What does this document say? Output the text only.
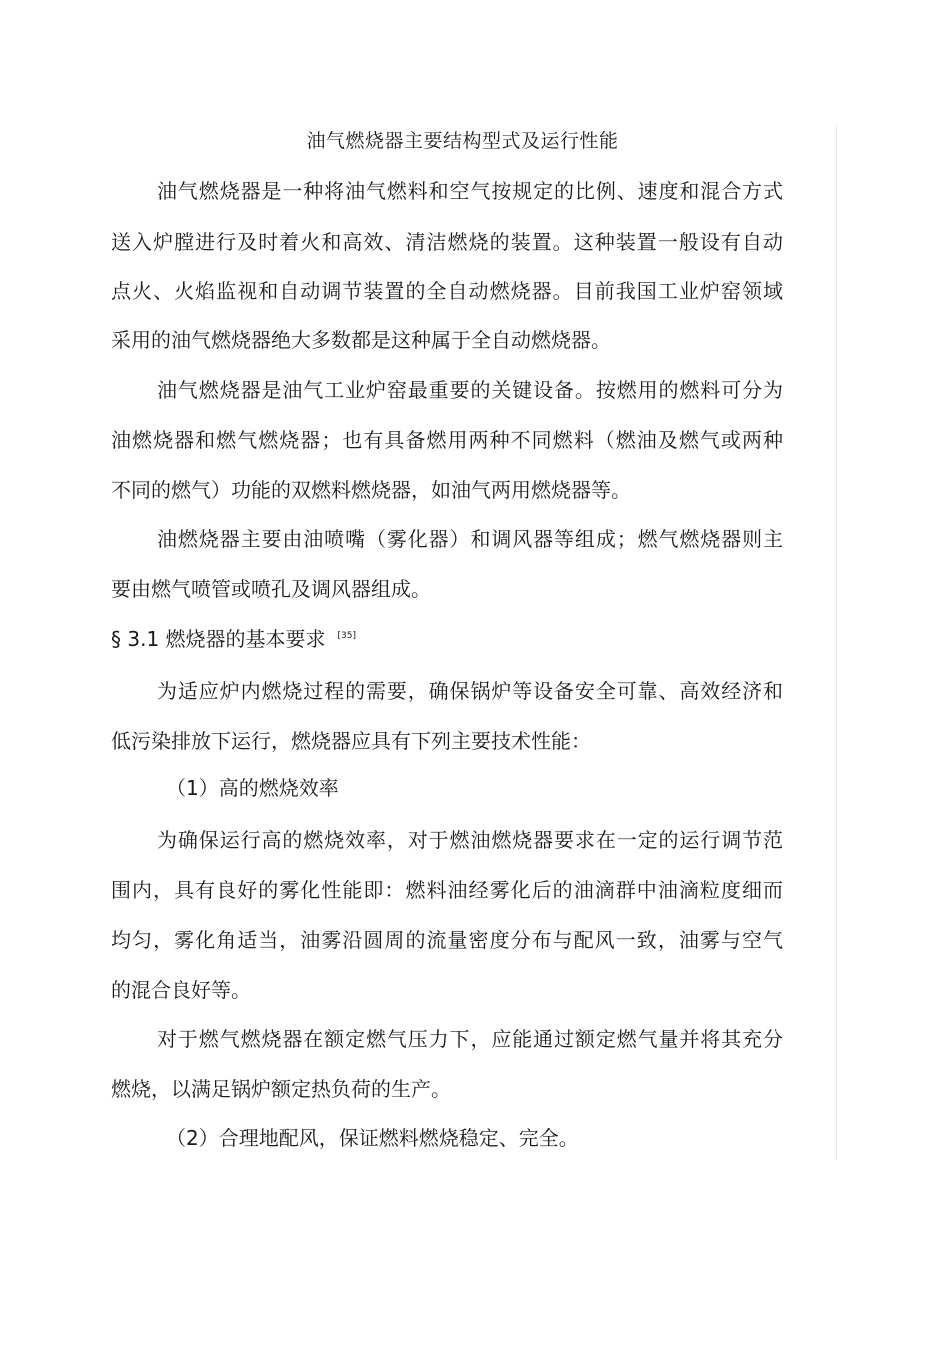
油气燃烧器主要结构型式及运行性能
油气燃烧器是一种将油气燃料和空气按规定的比例、速度和混合方式
送入炉膛进行及时着火和高效、清洁燃烧的装置。这种装置一般设有自动
点火、火焰监视和自动调节装置的全自动燃烧器。目前我国工业炉窑领域
采用的油气燃烧器绝大多数都是这种属于全自动燃烧器。
油气燃烧器是油气工业炉窑最重要的关键设备。按燃用的燃料可分为
油燃烧器和燃气燃烧器；也有具备燃用两种不同燃料（燃油及燃气或两种
不同的燃气）功能的双燃料燃烧器，如油气两用燃烧器等。
油燃烧器主要由油喷嘴（雾化器）和调风器等组成；燃气燃烧器则主
要由燃气喷管或喷孔及调风器组成。
§ 3.1 燃烧器的基本要求 [35]
为适应炉内燃烧过程的需要，确保锅炉等设备安全可靠、高效经济和
低污染排放下运行，燃烧器应具有下列主要技术性能：
（1）高的燃烧效率
为确保运行高的燃烧效率，对于燃油燃烧器要求在一定的运行调节范
围内，具有良好的雾化性能即：燃料油经雾化后的油滴群中油滴粒度细而
均匀，雾化角适当，油雾沿圆周的流量密度分布与配风一致，油雾与空气
的混合良好等。
对于燃气燃烧器在额定燃气压力下，应能通过额定燃气量并将其充分
燃烧，以满足锅炉额定热负荷的生产。
（2）合理地配风，保证燃料燃烧稳定、完全。
